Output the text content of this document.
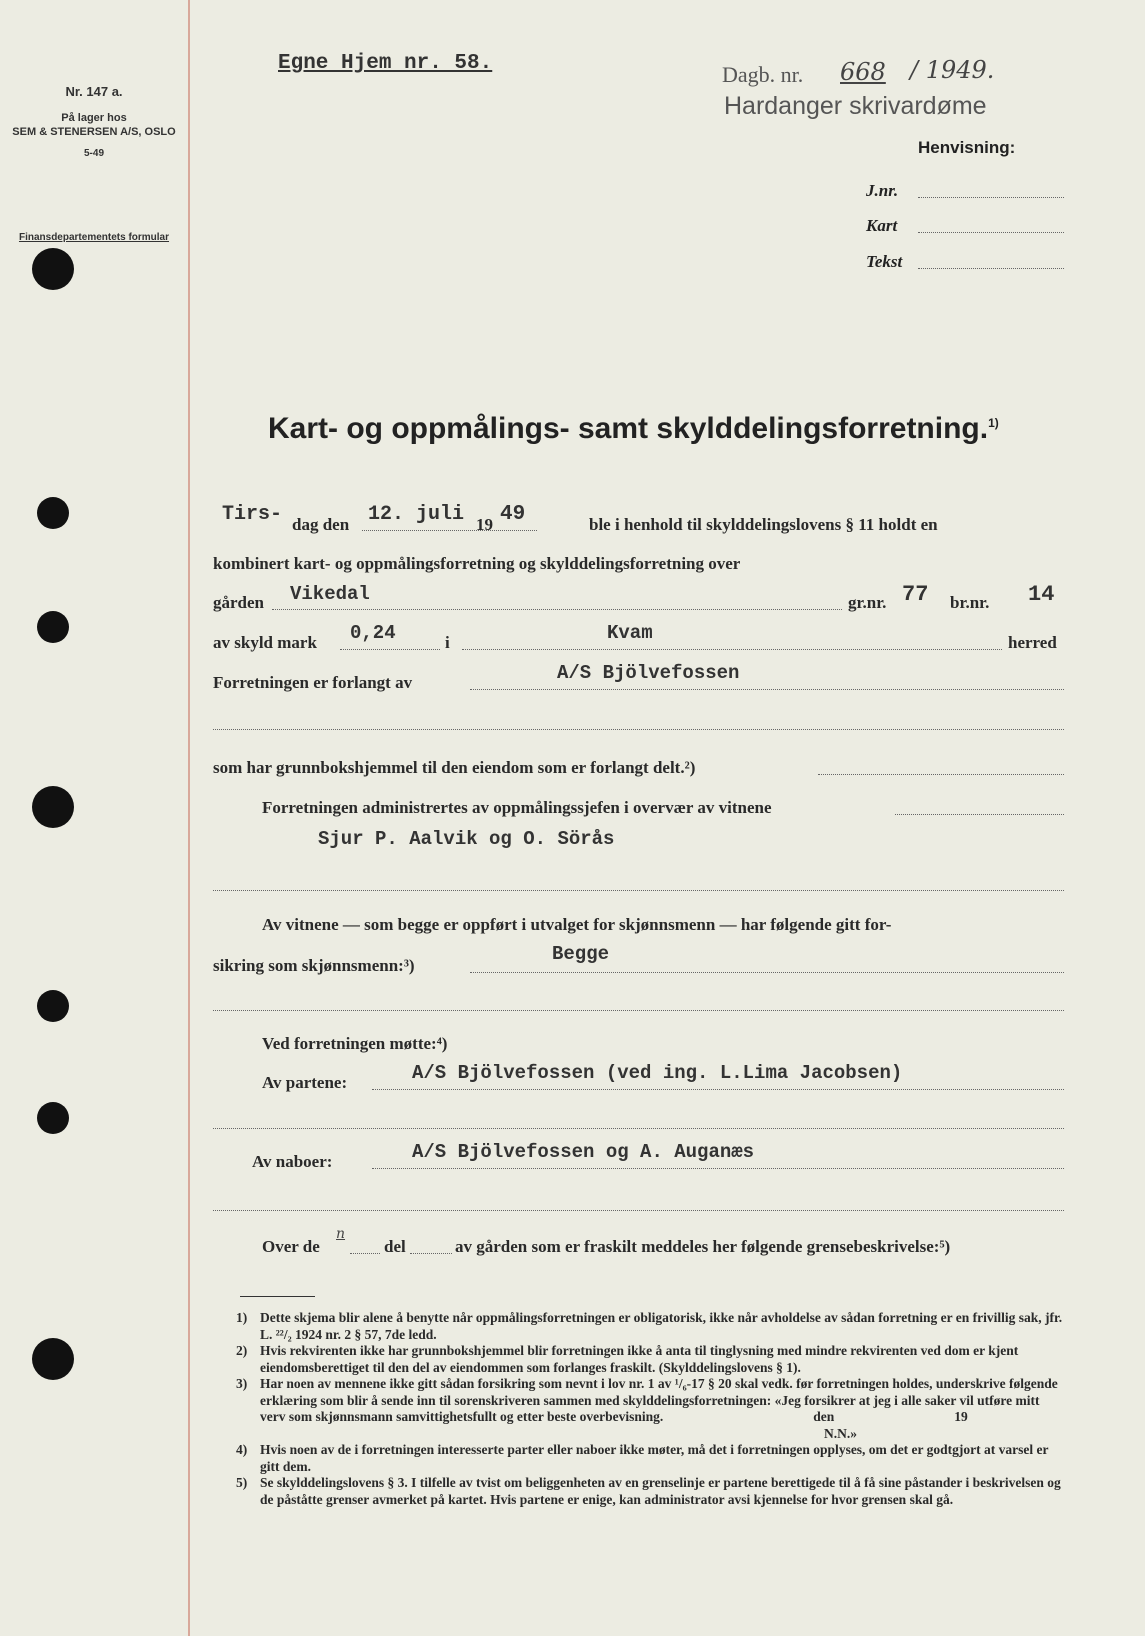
Nr. 147 a.
På lager hos
SEM & STENERSEN A/S, OSLO
5-49
Finansdepartementets formular
Egne Hjem nr. 58.	Dagb. nr. 668 / 1949.
Hardanger skrivardøme
Henvisning:
J.nr.
Kart
Tekst
Kart- og oppmålings- samt skylddelingsforretning.$^{1)}$
Tirs- dag den 12. juli 19 49	ble i henhold til skylddelingslovens § 11 holdt en
kombinert kart- og oppmålingsforretning og skylddelingsforretning over
gården Vikedal	gr.nr. 77 br.nr. 14
av skyld mark 0,24	i	Kvam	herred
Forretningen er forlangt av	A/S Bjölvefossen
som har grunnbokshjemmel til den eiendom som er forlangt delt.²)
Forretningen administrertes av oppmålingssjefen i overvær av vitnene
Sjur P. Aalvik og O. Sörås
Av vitnene — som begge er oppført i utvalget for skjønnsmenn — har følgende gitt for-
sikring som skjønnsmenn:³)
Begge
Ved forretningen møtte:⁴)
Av partene:	A/S Bjölvefossen (ved ing. L.Lima Jacobsen)
Av naboer:	A/S Bjölvefossen og A. Auganæs
Over de
n
del	av gården som er fraskilt meddeles her følgende grensebeskrivelse:⁵)
1) Dette skjema blir alene å benytte når oppmålingsforretningen er obligatorisk, ikke når avholdelse av sådan forretning er en frivillig sak, jfr. L. ²²/₂ 1924 nr. 2 § 57, 7de ledd.
2) Hvis rekvirenten ikke har grunnbokshjemmel blir forretningen ikke å anta til tinglysning med mindre rekvirenten ved dom er kjent eiendomsberettiget til den del av eiendommen som forlanges fraskilt. (Skylddelingslovens § 1).
3) Har noen av mennene ikke gitt sådan forsikring som nevnt i lov nr. 1 av ¹/₆-17 § 20 skal vedk. før forretningen holdes, underskrive følgende erklæring som blir å sende inn til sorenskriveren sammen med skylddelingsforretningen: «Jeg forsikrer at jeg i alle saker vil utføre mitt verv som skjønnsmann samvittighetsfullt og etter beste overbevisning.	den	19
N.N.»
4) Hvis noen av de i forretningen interesserte parter eller naboer ikke møter, må det i forretningen opplyses, om det er godtgjort at varsel er gitt dem.
5) Se skylddelingslovens § 3. I tilfelle av tvist om beliggenheten av en grenselinje er partene berettigede til å få sine påstander i beskrivelsen og de påståtte grenser avmerket på kartet. Hvis partene er enige, kan administrator avsi kjennelse for hvor grensen skal gå.
